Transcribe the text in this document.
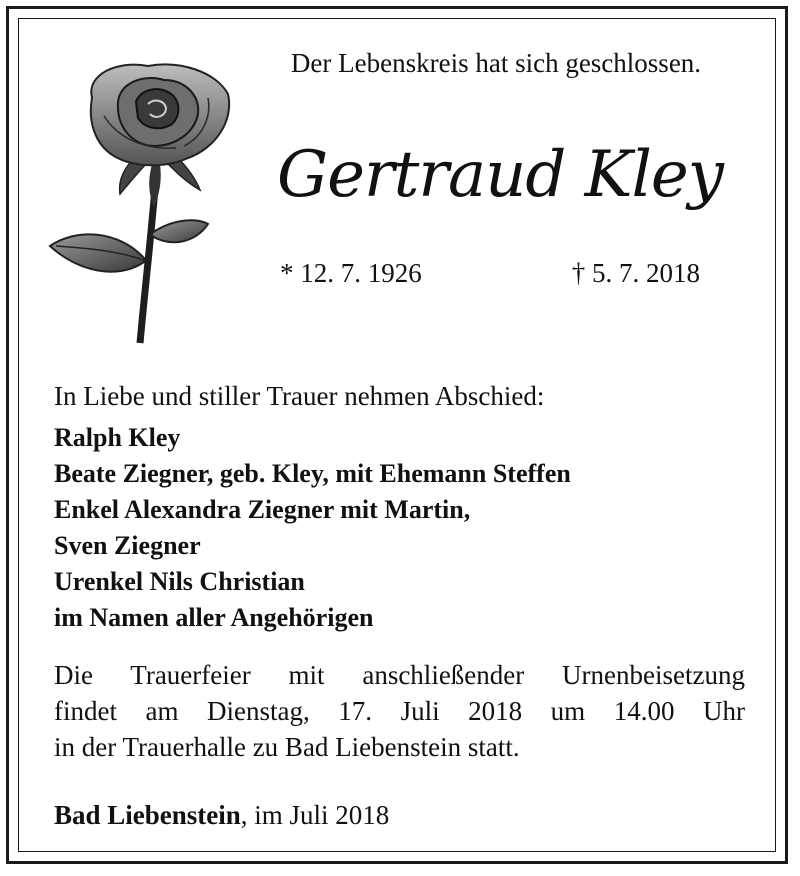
Der Lebenskreis hat sich geschlossen.
Gertraud Kley
* 12. 7. 1926	† 5. 7. 2018
In Liebe und stiller Trauer nehmen Abschied:
Ralph Kley
Beate Ziegner, geb. Kley, mit Ehemann Steffen
Enkel Alexandra Ziegner mit Martin,
Sven Ziegner
Urenkel Nils Christian
im Namen aller Angehörigen
Die Trauerfeier mit anschließender Urnenbeisetzung
findet am Dienstag, 17. Juli 2018 um 14.00 Uhr
in der Trauerhalle zu Bad Liebenstein statt.
Bad Liebenstein, im Juli 2018
